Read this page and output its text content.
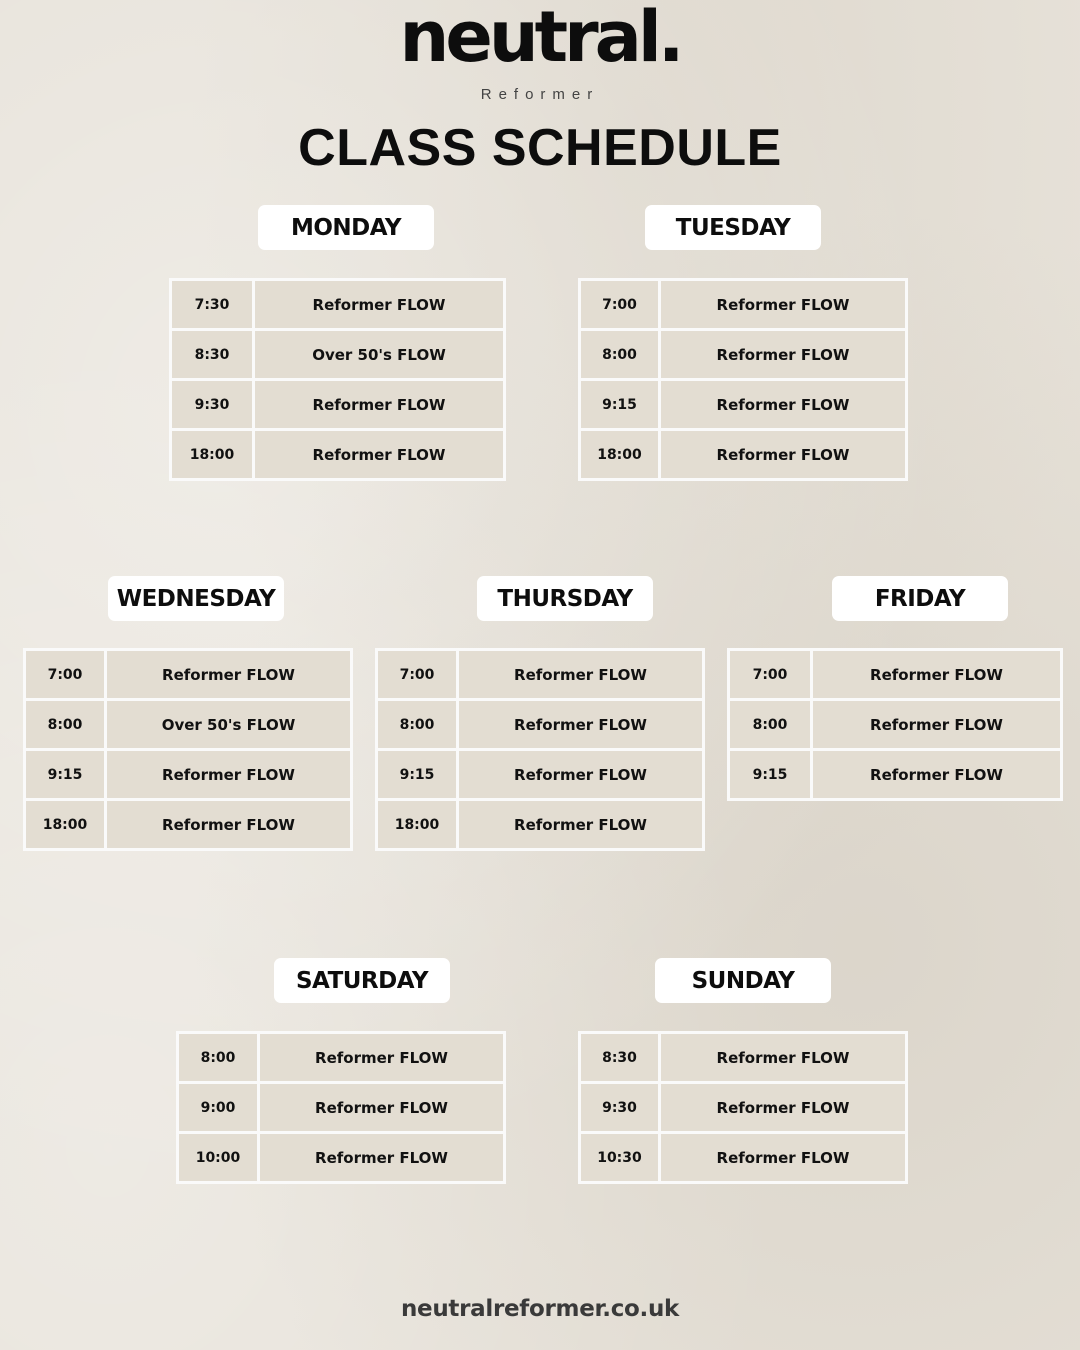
neutral.
Reformer
CLASS SCHEDULE
MONDAY
7:30	Reformer FLOW
8:30	Over 50's FLOW
9:30	Reformer FLOW
18:00	Reformer FLOW
TUESDAY
7:00	Reformer FLOW
8:00	Reformer FLOW
9:15	Reformer FLOW
18:00	Reformer FLOW
WEDNESDAY
7:00	Reformer FLOW
8:00	Over 50's FLOW
9:15	Reformer FLOW
18:00	Reformer FLOW
THURSDAY
7:00	Reformer FLOW
8:00	Reformer FLOW
9:15	Reformer FLOW
18:00	Reformer FLOW
FRIDAY
7:00	Reformer FLOW
8:00	Reformer FLOW
9:15	Reformer FLOW
SATURDAY
8:00	Reformer FLOW
9:00	Reformer FLOW
10:00	Reformer FLOW
SUNDAY
8:30	Reformer FLOW
9:30	Reformer FLOW
10:30	Reformer FLOW
neutralreformer.co.uk
